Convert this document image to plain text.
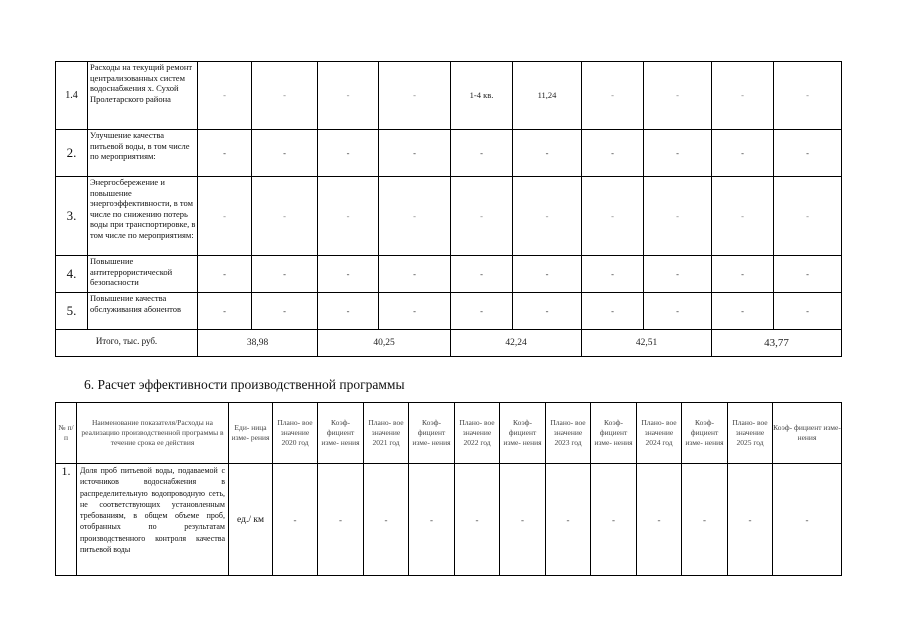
1.4	Расходы на текущий ремонт централизованных систем водоснабжения х. Сухой Пролетарского района	-	-	-	-	1-4 кв.	11,24	-	-	-	-
2.	Улучшение качества питьевой воды, в том числе по мероприятиям:	-	-	-	-	-	-	-	-	-	-
3.	Энергосбережение и повышение энергоэффективности, в том числе по снижению потерь воды при транспортировке, в том числе по мероприятиям:	-	-	-	-	-	-	-	-	-	-
4.	Повышение антитеррористической безопасности	-	-	-	-	-	-	-	-	-	-
5.	Повышение качества обслуживания абонентов	-	-	-	-	-	-	-	-	-	-
Итого, тыс. руб.		38,98		40,25		42,24		42,51		43,77	
6. Расчет эффективности производственной программы
№ п/ п	Наименование показателя/Расходы на реализацию производственной программы в течение срока ее действия	Еди- ница изме- рения	Плано- вое значение 2020 год	Коэф- фициент изме- нения	Плано- вое значение 2021 год	Коэф- фициент изме- нения	Плано- вое значение 2022 год	Коэф- фициент изме- нения	Плано- вое значение 2023 год	Коэф- фициент изме- нения	Плано- вое значение 2024 год	Коэф- фициент изме- нения	Плано- вое значение 2025 год	Коэф- фициент изме- нения
1.	Доля проб питьевой воды, подаваемой с источников водоснабжения в распределительную водопроводную сеть, не соответствующих установленным требованиям, в общем объеме проб, отобранных по результатам производственного контроля качества питьевой воды	ед./ км	-	-	-	-	-	-	-	-	-	-	-	-
